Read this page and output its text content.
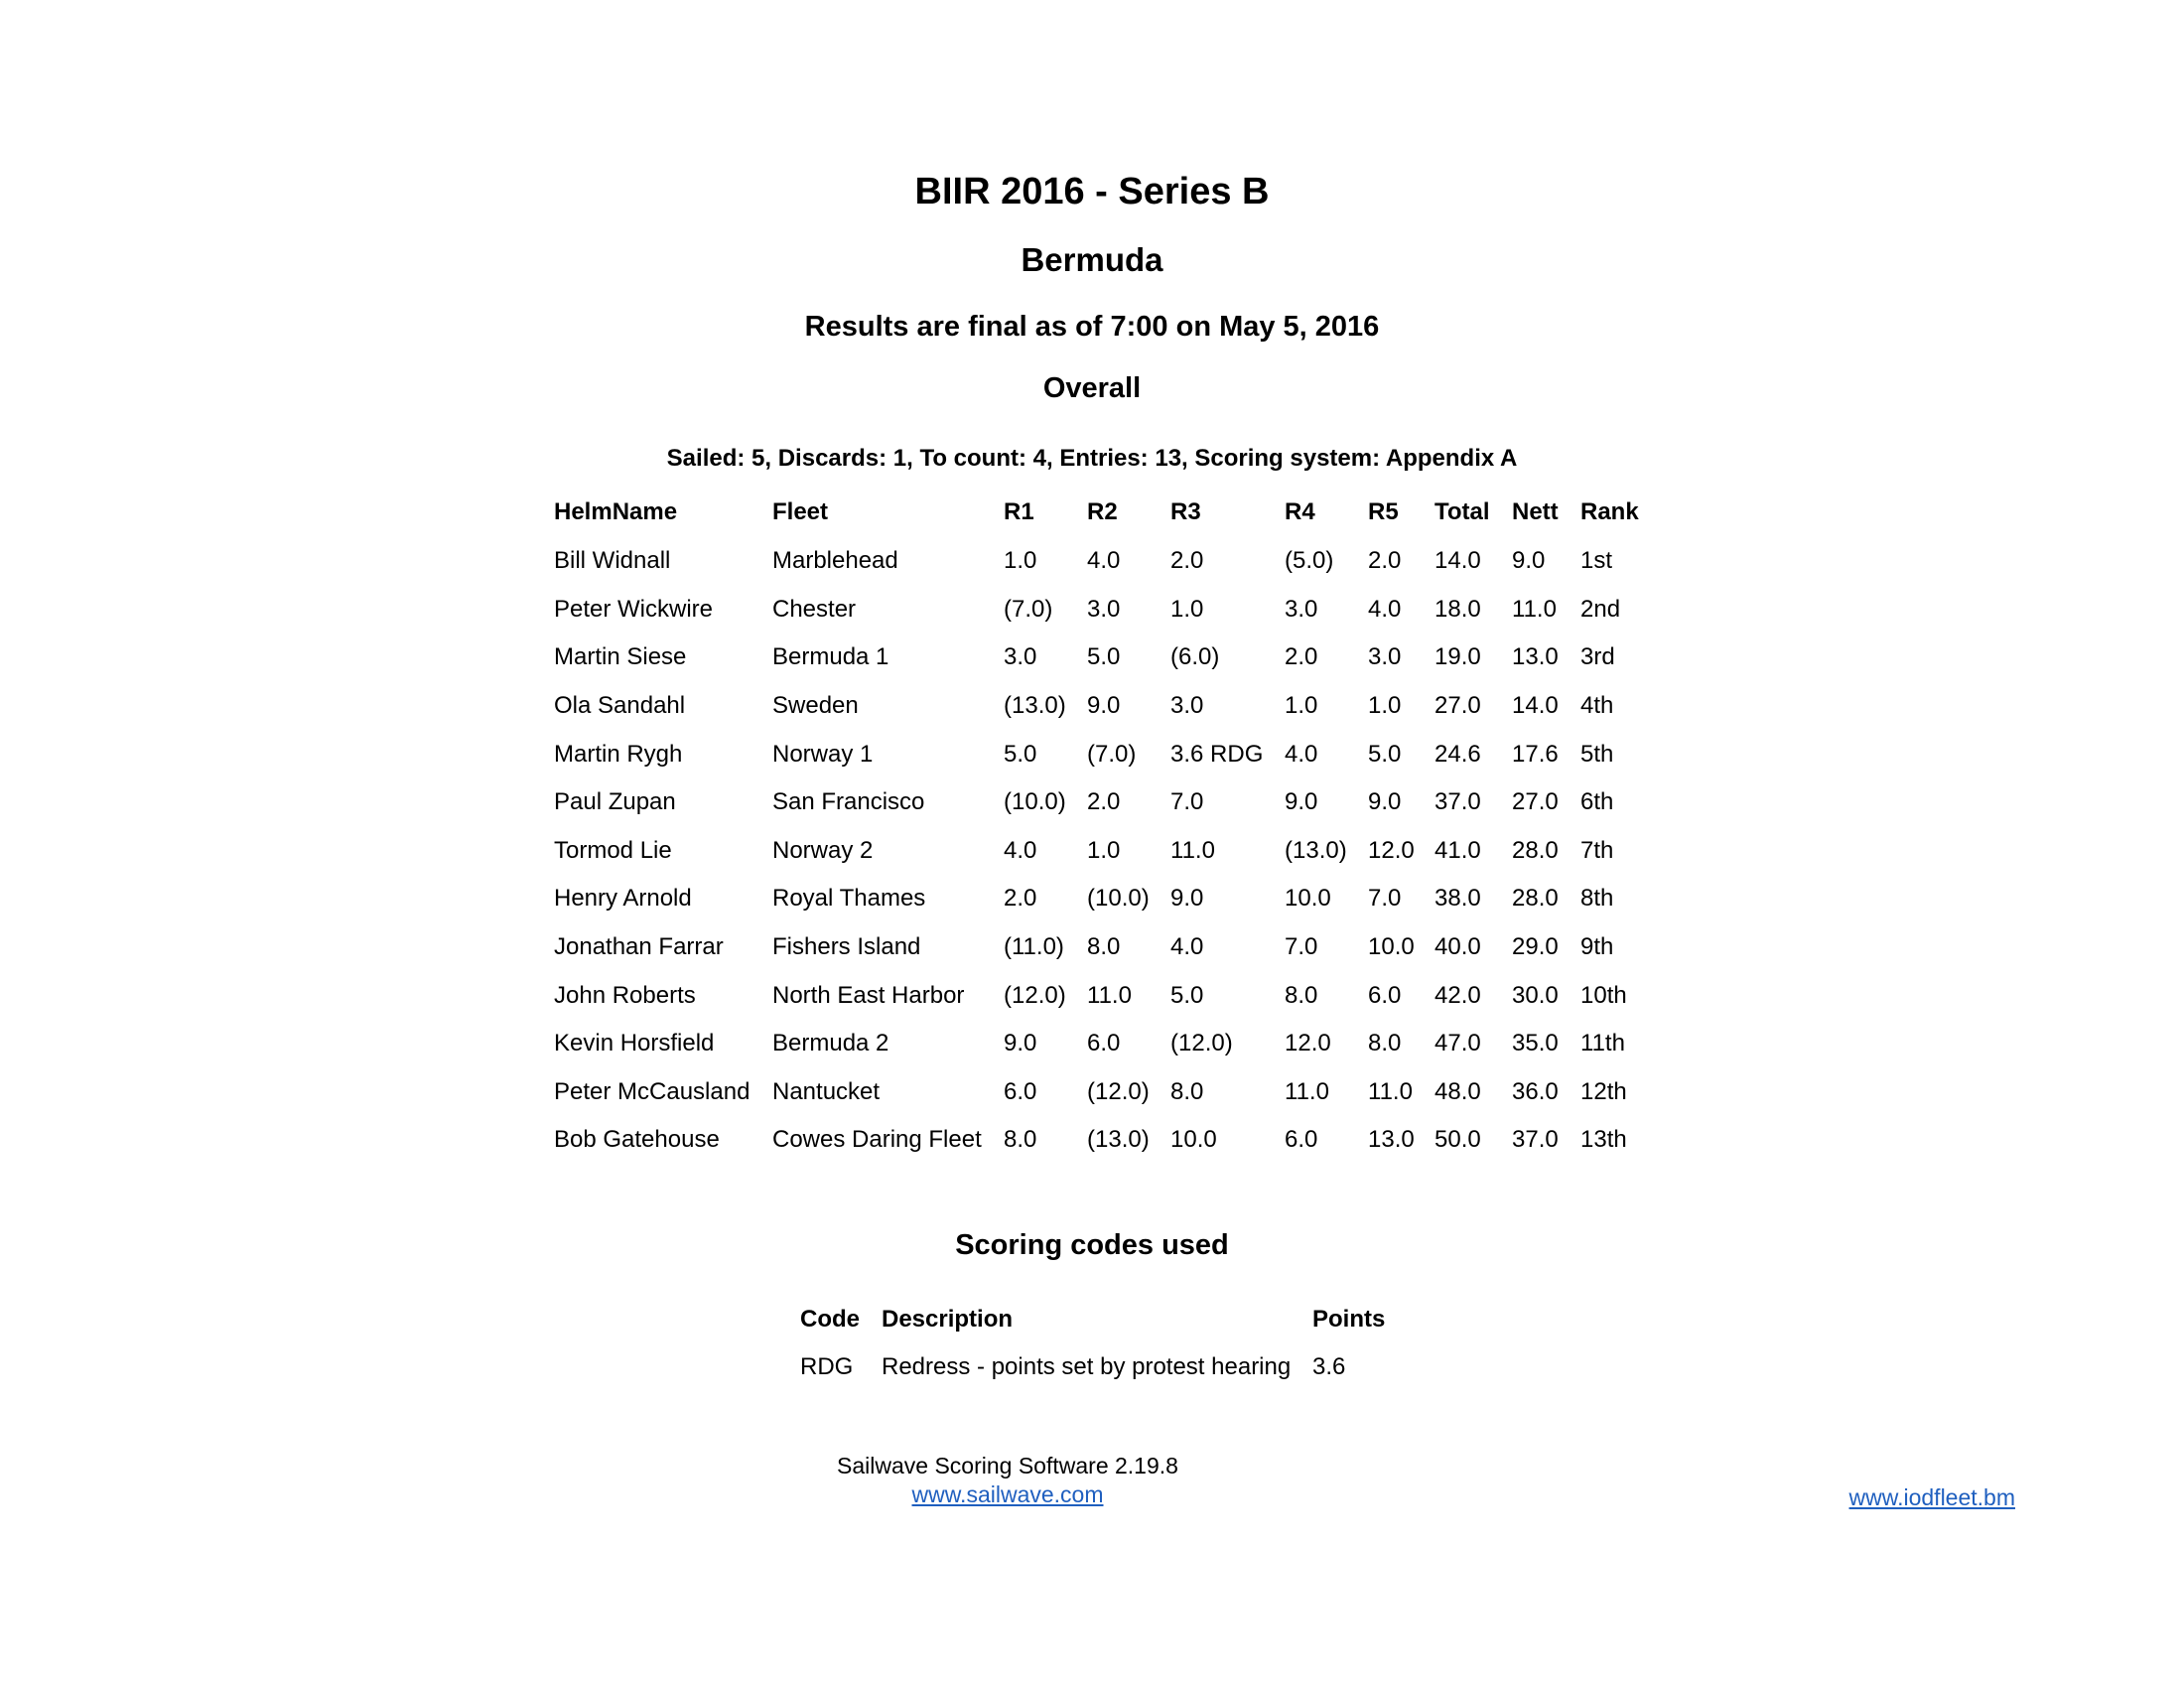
BIIR 2016 - Series B
Bermuda
Results are final as of 7:00 on May 5, 2016
Overall
Sailed: 5, Discards: 1, To count: 4, Entries: 13, Scoring system: Appendix A
HelmName	Fleet	R1	R2	R3	R4	R5	Total	Nett	Rank
Bill Widnall	Marblehead	1.0	4.0	2.0	(5.0)	2.0	14.0	9.0	1st
Peter Wickwire	Chester	(7.0)	3.0	1.0	3.0	4.0	18.0	11.0	2nd
Martin Siese	Bermuda 1	3.0	5.0	(6.0)	2.0	3.0	19.0	13.0	3rd
Ola Sandahl	Sweden	(13.0)	9.0	3.0	1.0	1.0	27.0	14.0	4th
Martin Rygh	Norway 1	5.0	(7.0)	3.6 RDG	4.0	5.0	24.6	17.6	5th
Paul Zupan	San Francisco	(10.0)	2.0	7.0	9.0	9.0	37.0	27.0	6th
Tormod Lie	Norway 2	4.0	1.0	11.0	(13.0)	12.0	41.0	28.0	7th
Henry Arnold	Royal Thames	2.0	(10.0)	9.0	10.0	7.0	38.0	28.0	8th
Jonathan Farrar	Fishers Island	(11.0)	8.0	4.0	7.0	10.0	40.0	29.0	9th
John Roberts	North East Harbor	(12.0)	11.0	5.0	8.0	6.0	42.0	30.0	10th
Kevin Horsfield	Bermuda 2	9.0	6.0	(12.0)	12.0	8.0	47.0	35.0	11th
Peter McCausland	Nantucket	6.0	(12.0)	8.0	11.0	11.0	48.0	36.0	12th
Bob Gatehouse	Cowes Daring Fleet	8.0	(13.0)	10.0	6.0	13.0	50.0	37.0	13th
Scoring codes used
Code	Description	Points
RDG	Redress - points set by protest hearing	3.6
Sailwave Scoring Software 2.19.8
www.sailwave.com	www.iodfleet.bm
